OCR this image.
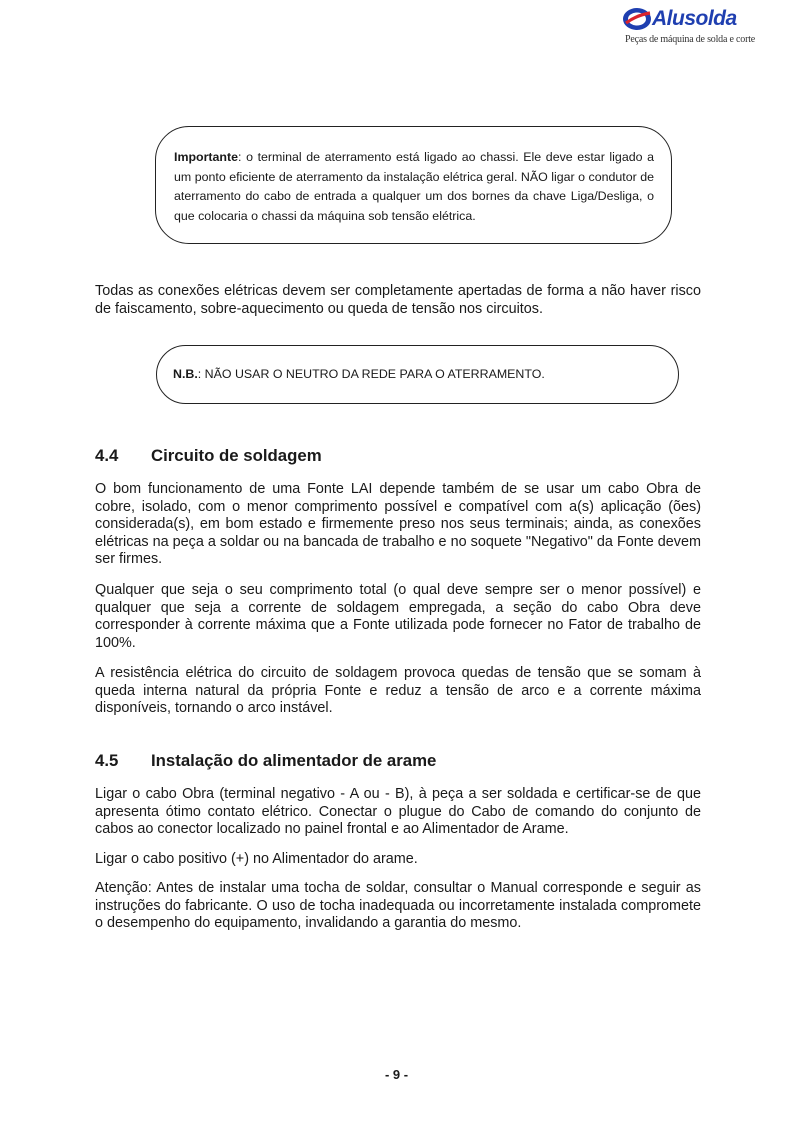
Alusolda
Peças de máquina de solda e corte
Importante: o terminal de aterramento está ligado ao chassi. Ele deve estar ligado a um ponto eficiente de aterramento da instalação elétrica geral. NÃO ligar o condutor de aterramento do cabo de entrada a qualquer um dos bornes da chave Liga/Desliga, o que colocaria o chassi da máquina sob tensão elétrica.
Todas as conexões elétricas devem ser completamente apertadas de forma a não haver risco de faiscamento, sobre-aquecimento ou queda de tensão nos circuitos.
N.B.: NÃO USAR O NEUTRO DA REDE PARA O ATERRAMENTO.
4.4 Circuito de soldagem
O bom funcionamento de uma Fonte LAI depende também de se usar um cabo Obra de cobre, isolado, com o menor comprimento possível e compatível com a(s) aplicação (ões) considerada(s), em bom estado e firmemente preso nos seus terminais; ainda, as conexões elétricas na peça a soldar ou na bancada de trabalho e no soquete "Negativo" da Fonte devem ser firmes.
Qualquer que seja o seu comprimento total (o qual deve sempre ser o menor possível) e qualquer que seja a corrente de soldagem empregada, a seção do cabo Obra deve corresponder à corrente máxima que a Fonte utilizada pode fornecer no Fator de trabalho de 100%.
A resistência elétrica do circuito de soldagem provoca quedas de tensão que se somam à queda interna natural da própria Fonte e reduz a tensão de arco e a corrente máxima disponíveis, tornando o arco instável.
4.5 Instalação do alimentador de arame
Ligar o cabo Obra (terminal negativo - A ou - B), à peça a ser soldada e certificar-se de que apresenta ótimo contato elétrico. Conectar o plugue do Cabo de comando do conjunto de cabos ao conector localizado no painel frontal e ao Alimentador de Arame.
Ligar o cabo positivo (+) no Alimentador do arame.
Atenção: Antes de instalar uma tocha de soldar, consultar o Manual corresponde e seguir as instruções do fabricante. O uso de tocha inadequada ou incorretamente instalada compromete o desempenho do equipamento, invalidando a garantia do mesmo.
- 9 -
